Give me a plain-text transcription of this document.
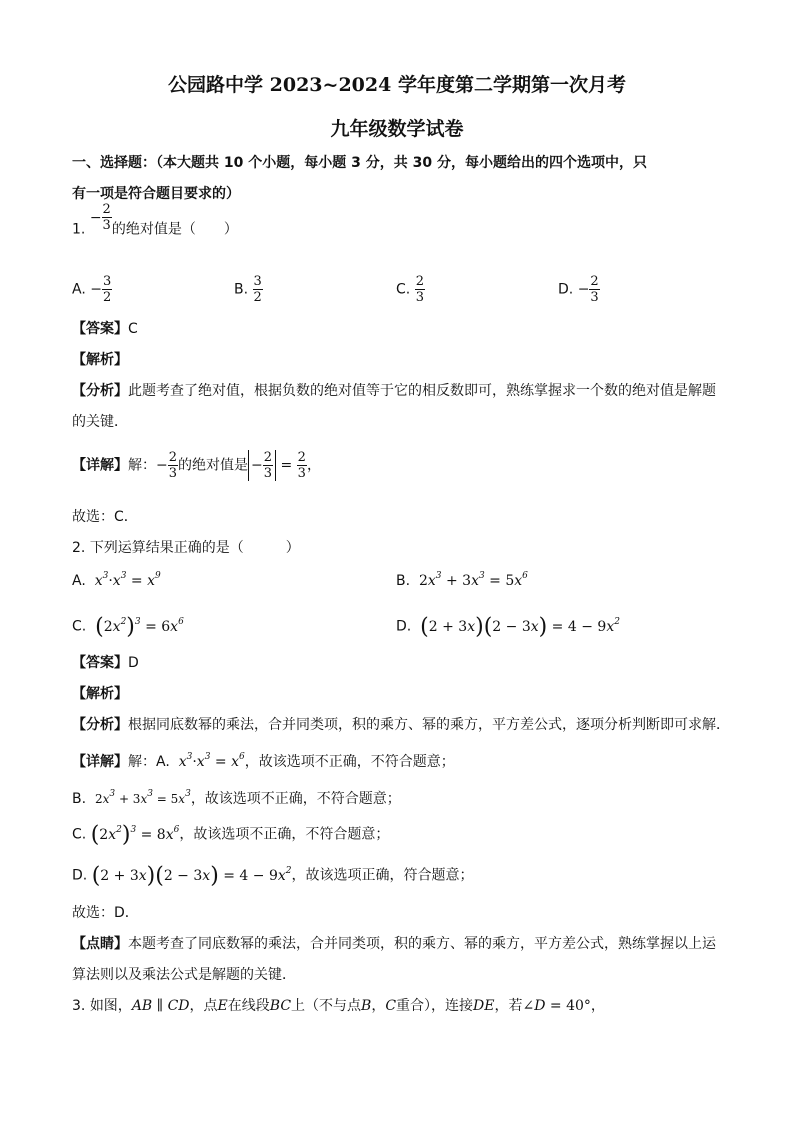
公园路中学 2023~2024 学年度第二学期第一次月考
九年级数学试卷
一、选择题：（本大题共 10 个小题，每小题 3 分，共 30 分，每小题给出的四个选项中，只
有一项是符合题目要求的）
1. − $\frac{2}{3}$ 的绝对值是（　　）
A. − $\frac{3}{2}$	B. $\frac{3}{2}$	C. $\frac{2}{3}$	D. − $\frac{2}{3}$
【答案】C
【解析】
【分析】此题考查了绝对值，根据负数的绝对值等于它的相反数即可，熟练掌握求一个数的绝对值是解题
的关键．
【详解】解：− $\frac{2}{3}$ 的绝对值是 − $\frac{2}{3} = \frac{2}{3}$ ，
故选：C．
2. 下列运算结果正确的是（　　　）
A. $x^3\cdot x^3 = x^9$	B. $2x^3 + 3x^3 = 5x^6$
C. $(2x^2)^3 = 6x^6$	D. $(2 + 3x)(2 - 3x) = 4 - 9x^2$
【答案】D
【解析】
【分析】根据同底数幂的乘法，合并同类项，积的乘方、幂的乘方，平方差公式，逐项分析判断即可求解．
【详解】解：A. $x^3\cdot x^3 = x^6$，故该选项不正确，不符合题意；
B. $2x^3 + 3x^3 = 5x^3$，故该选项不正确，不符合题意；
C. $(2x^2)^3 = 8x^6$，故该选项不正确，不符合题意；
D. $(2 + 3x)(2 - 3x) = 4 - 9x^2$，故该选项正确，符合题意；
故选：D．
【点睛】本题考查了同底数幂的乘法，合并同类项，积的乘方、幂的乘方，平方差公式，熟练掌握以上运
算法则以及乘法公式是解题的关键．
3. 如图，AB ∥ CD，点E在线段BC上（不与点B，C重合），连接DE，若∠D = 40°，
